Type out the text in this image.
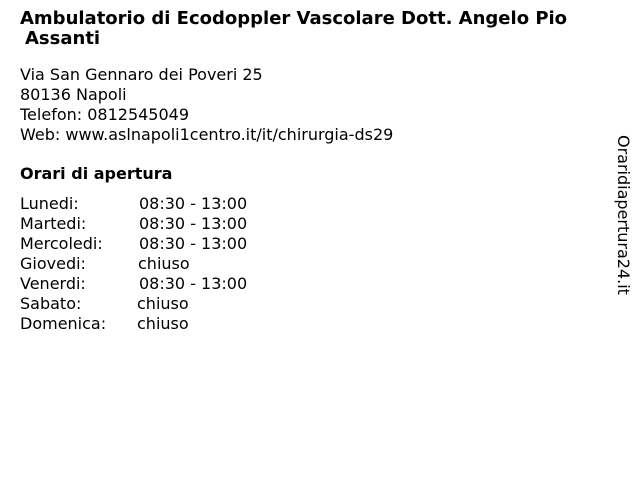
Ambulatorio di Ecodoppler Vascolare Dott. Angelo Pio
Assanti
Via San Gennaro dei Poveri 25
80136 Napoli
Telefon: 0812545049
Web: www.aslnapoli1centro.it/it/chirurgia-ds29
Orari di apertura
Lunedi:	08:30 - 13:00
Martedi:	08:30 - 13:00
Mercoledi: 08:30 - 13:00
Giovedi:	chiuso
Venerdi:	08:30 - 13:00
Sabato:	chiuso
Domenica: chiuso
Oraridiapertura24.it
